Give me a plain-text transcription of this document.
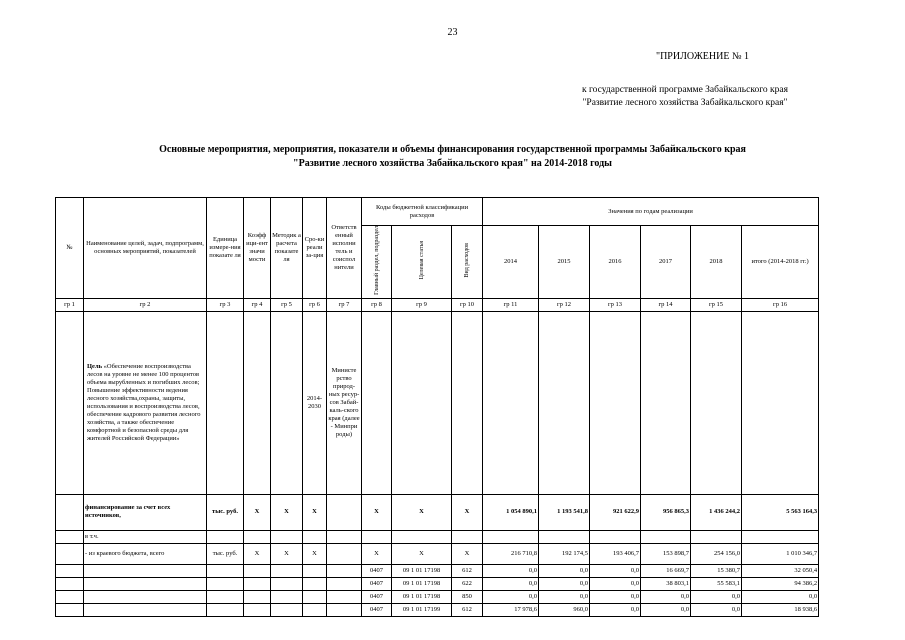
23
"ПРИЛОЖЕНИЕ № 1
к государственной программе Забайкальского края
"Развитие лесного хозяйства Забайкальского края"
Основные мероприятия, мероприятия, показатели и объемы финансирования государственной программы Забайкальского края
"Развитие лесного хозяйства Забайкальского края" на 2014-2018 годы
№	Наименование целей, задач, подпрограмм, основных мероприятий, показателей	Единица измере-ния показате ля	Коэфф ици-ент значи мости	Методик а расчета показате ля	Сро-ки реали за-ция	Ответств енный исполни тель и соиспол нители	Коды бюджетной классификации расходов			Значения по годам реализации					
							Главный раздел, подраздел	Целевая статья	Вид расходов	2014	2015	2016	2017	2018	итого (2014-2018 гг.)
гр 1	гр 2	гр 3	гр 4	гр 5	гр 6	гр 7	гр 8	гр 9	гр 10	гр 11	гр 12	гр 13	гр 14	гр 15	гр 16
	Цель «Обеспечение воспроизводства лесов на уровне не менее 100 процентов объема вырубленных и погибших лесов; Повышение эффективности ведения лесного хозяйства,охраны, защиты, использования и воспроизводства лесов, обеспечение кадрового развития лесного хозяйства, а также обеспечение комфортной и безопасной среды для жителей Российской Федерации»				2014-2030	Министе рство природ-ных ресур-сов Забай-каль-ского края (далее - Минпри роды)									
	финансирование за счет всех источников,	тыс. руб.	X	X	X		X	X	X	1 054 890,1	1 193 541,8	921 622,9	956 865,3	1 436 244,2	5 563 164,3
	в т.ч.														
	- из краевого бюджета, всего	тыс. руб.	X	X	X		X	X	X	216 710,8	192 174,5	193 406,7	153 898,7	254 156,0	1 010 346,7
							0407	09 1 01 17198	612	0,0	0,0	0,0	16 669,7	15 380,7	32 050,4
							0407	09 1 01 17198	622	0,0	0,0	0,0	38 803,1	55 583,1	94 386,2
							0407	09 1 01 17198	850	0,0	0,0	0,0	0,0	0,0	0,0
							0407	09 1 01 17199	612	17 978,6	960,0	0,0	0,0	0,0	18 938,6
